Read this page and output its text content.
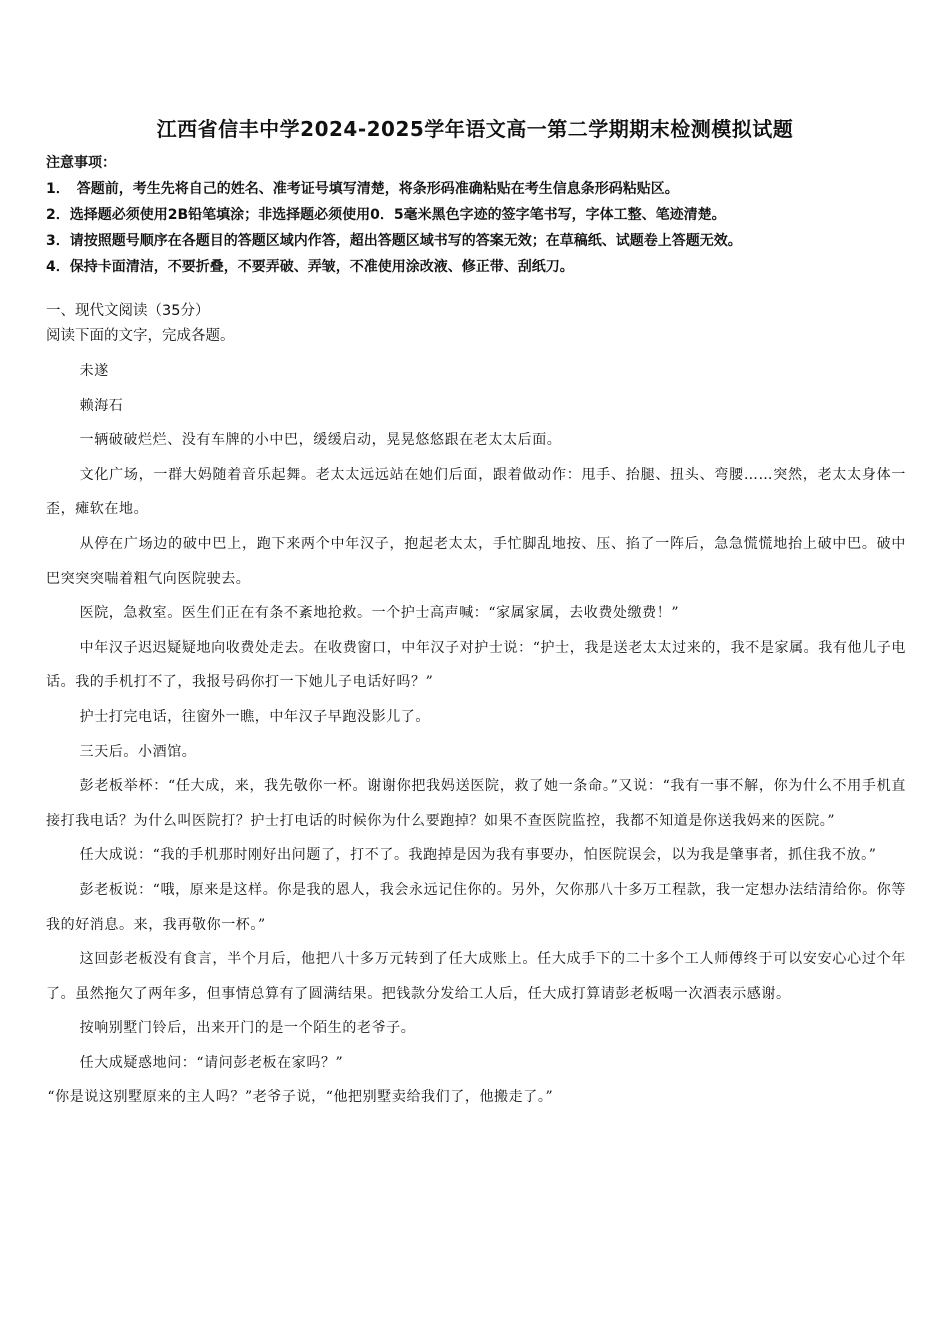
江西省信丰中学2024-2025学年语文高一第二学期期末检测模拟试题
注意事项：
1．　答题前，考生先将自己的姓名、准考证号填写清楚，将条形码准确粘贴在考生信息条形码粘贴区。
2．选择题必须使用2B铅笔填涂；非选择题必须使用0．5毫米黑色字迹的签字笔书写，字体工整、笔迹清楚。
3．请按照题号顺序在各题目的答题区域内作答，超出答题区域书写的答案无效；在草稿纸、试题卷上答题无效。
4．保持卡面清洁，不要折叠，不要弄破、弄皱，不准使用涂改液、修正带、刮纸刀。
一、现代文阅读（35分）
阅读下面的文字，完成各题。

未遂

赖海石

一辆破破烂烂、没有车牌的小中巴，缓缓启动，晃晃悠悠跟在老太太后面。

文化广场，一群大妈随着音乐起舞。老太太远远站在她们后面，跟着做动作：甩手、抬腿、扭头、弯腰……突然，老太太身体一歪，瘫软在地。

从停在广场边的破中巴上，跑下来两个中年汉子，抱起老太太，手忙脚乱地按、压、掐了一阵后，急急慌慌地抬上破中巴。破中巴突突突喘着粗气向医院驶去。

医院，急救室。医生们正在有条不紊地抢救。一个护士高声喊：“家属家属，去收费处缴费！”

中年汉子迟迟疑疑地向收费处走去。在收费窗口，中年汉子对护士说：“护士，我是送老太太过来的，我不是家属。我有他儿子电话。我的手机打不了，我报号码你打一下她儿子电话好吗？”

护士打完电话，往窗外一瞧，中年汉子早跑没影儿了。

三天后。小酒馆。

彭老板举杯：“任大成，来，我先敬你一杯。谢谢你把我妈送医院，救了她一条命。”又说：“我有一事不解，你为什么不用手机直接打我电话？为什么叫医院打？护士打电话的时候你为什么要跑掉？如果不查医院监控，我都不知道是你送我妈来的医院。”

任大成说：“我的手机那时刚好出问题了，打不了。我跑掉是因为我有事要办，怕医院误会，以为我是肇事者，抓住我不放。”

彭老板说：“哦，原来是这样。你是我的恩人，我会永远记住你的。另外，欠你那八十多万工程款，我一定想办法结清给你。你等我的好消息。来，我再敬你一杯。”

这回彭老板没有食言，半个月后，他把八十多万元转到了任大成账上。任大成手下的二十多个工人师傅终于可以安安心心过个年了。虽然拖欠了两年多，但事情总算有了圆满结果。把钱款分发给工人后，任大成打算请彭老板喝一次酒表示感谢。

按响别墅门铃后，出来开门的是一个陌生的老爷子。

任大成疑惑地问：“请问彭老板在家吗？”

“你是说这别墅原来的主人吗？”老爷子说，“他把别墅卖给我们了，他搬走了。”
